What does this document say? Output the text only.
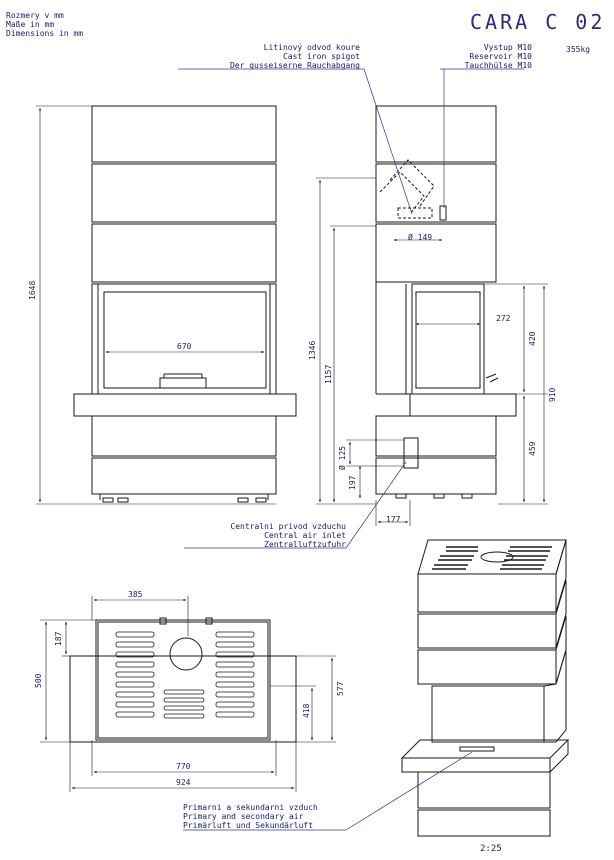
Rozmery v mm
Maße in mm
Dimensions in mm	CARA C 02
355kg
Litinový odvod koure
Cast iron spigot
Der gusseiserne Rauchabgang
Vystup M10
Reservoir M10
Tauchhülse M10
Centralni privod vzduchu
Central air inlet
Zentralluftzufuhr
Primarni a sekundarni vzduch
Primary and secondary air
Primärluft und Sekundärluft
2:25
1648
670	1346
1157
Ø 149
272
420
910
459
Ø 125
197
177
385
187
500
577
418
770
924
